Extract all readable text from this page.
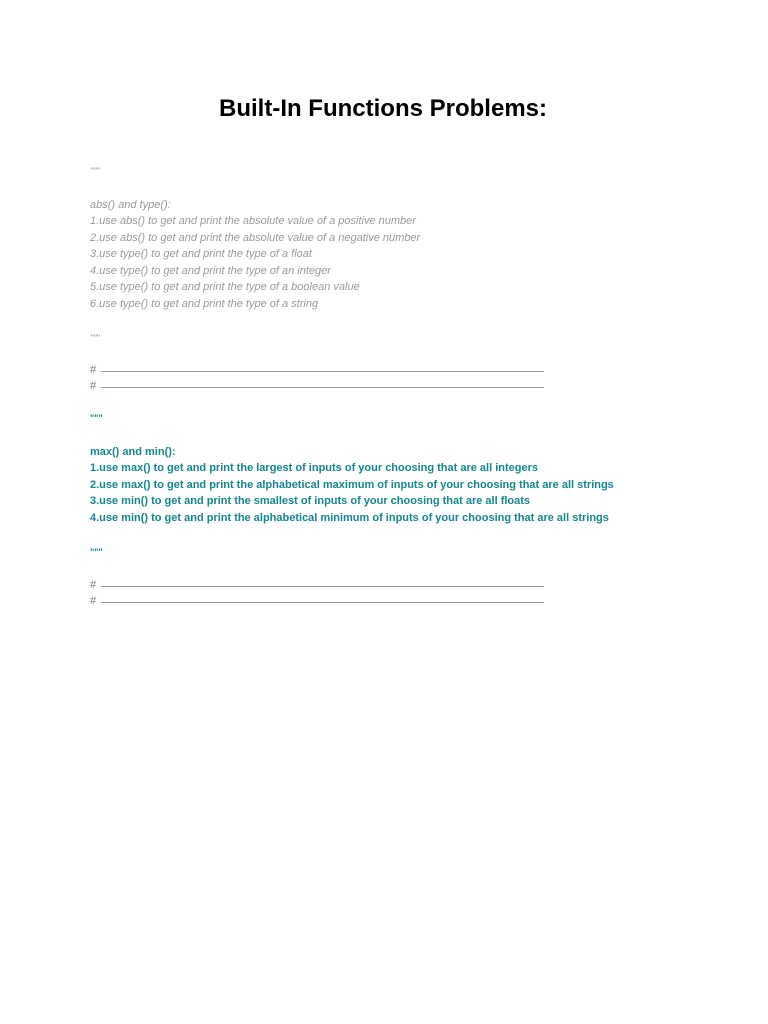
Built-In Functions Problems:
"""
abs() and type():
1.use abs() to get and print the absolute value of a positive number
2.use abs() to get and print the absolute value of a negative number
3.use type() to get and print the type of a float
4.use type() to get and print the type of an integer
5.use type() to get and print the type of a boolean value
6.use type() to get and print the type of a string
"""
#
#
"""
max() and min():
1.use max() to get and print the largest of inputs of your choosing that are all integers
2.use max() to get and print the alphabetical maximum of inputs of your choosing that are all strings
3.use min() to get and print the smallest of inputs of your choosing that are all floats
4.use min() to get and print the alphabetical minimum of inputs of your choosing that are all strings
"""
#
#
